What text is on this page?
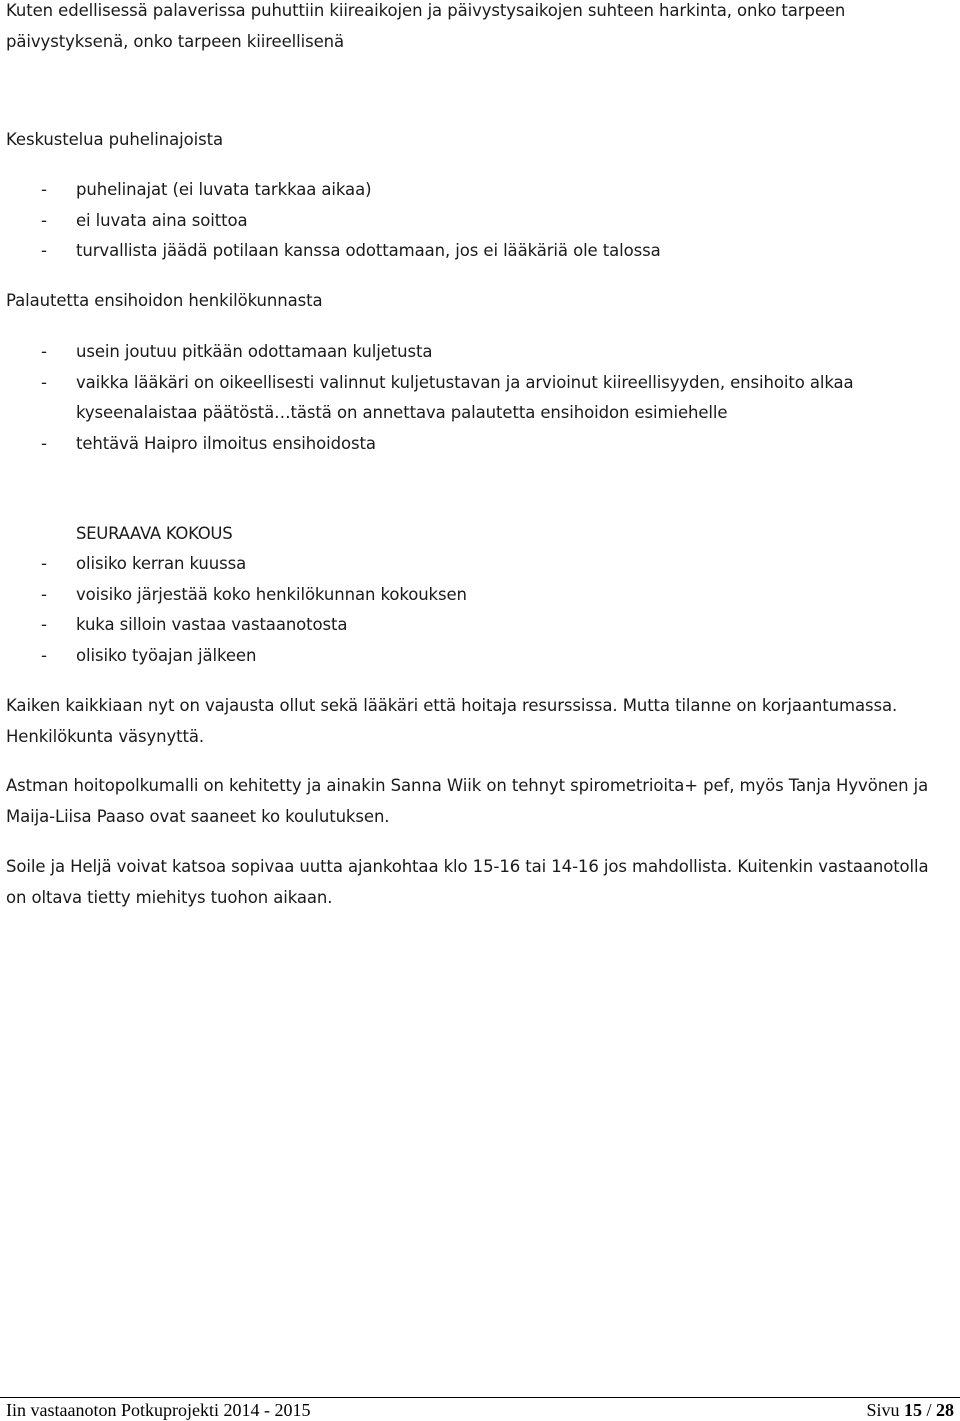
Kuten edellisessä palaverissa puhuttiin kiireaikojen ja päivystysaikojen suhteen harkinta, onko tarpeen päivystyksenä, onko tarpeen kiireellisenä

Keskustelua puhelinajoista

- puhelinajat (ei luvata tarkkaa aikaa)
- ei luvata aina soittoa
- turvallista jäädä potilaan kanssa odottamaan, jos ei lääkäriä ole talossa

Palautetta ensihoidon henkilökunnasta

- usein joutuu pitkään odottamaan kuljetusta
- vaikka lääkäri on oikeellisesti valinnut kuljetustavan ja arvioinut kiireellisyyden, ensihoito alkaa kyseenalaistaa päätöstä…tästä on annettava palautetta ensihoidon esimiehelle
- tehtävä Haipro ilmoitus ensihoidosta
SEURAAVA KOKOUS
- olisiko kerran kuussa
- voisiko järjestää koko henkilökunnan kokouksen
- kuka silloin vastaa vastaanotosta
- olisiko työajan jälkeen

Kaiken kaikkiaan nyt on vajausta ollut sekä lääkäri että hoitaja resurssissa. Mutta tilanne on korjaantumassa. Henkilökunta väsynyttä.

Astman hoitopolkumalli on kehitetty ja ainakin Sanna Wiik on tehnyt spirometrioita+ pef, myös Tanja Hyvönen ja Maija-Liisa Paaso ovat saaneet ko koulutuksen.

Soile ja Heljä voivat katsoa sopivaa uutta ajankohtaa klo 15-16 tai 14-16 jos mahdollista. Kuitenkin vastaanotolla on oltava tietty miehitys tuohon aikaan.

Iin vastaanoton Potkuprojekti 2014 - 2015	Sivu 15 / 28
